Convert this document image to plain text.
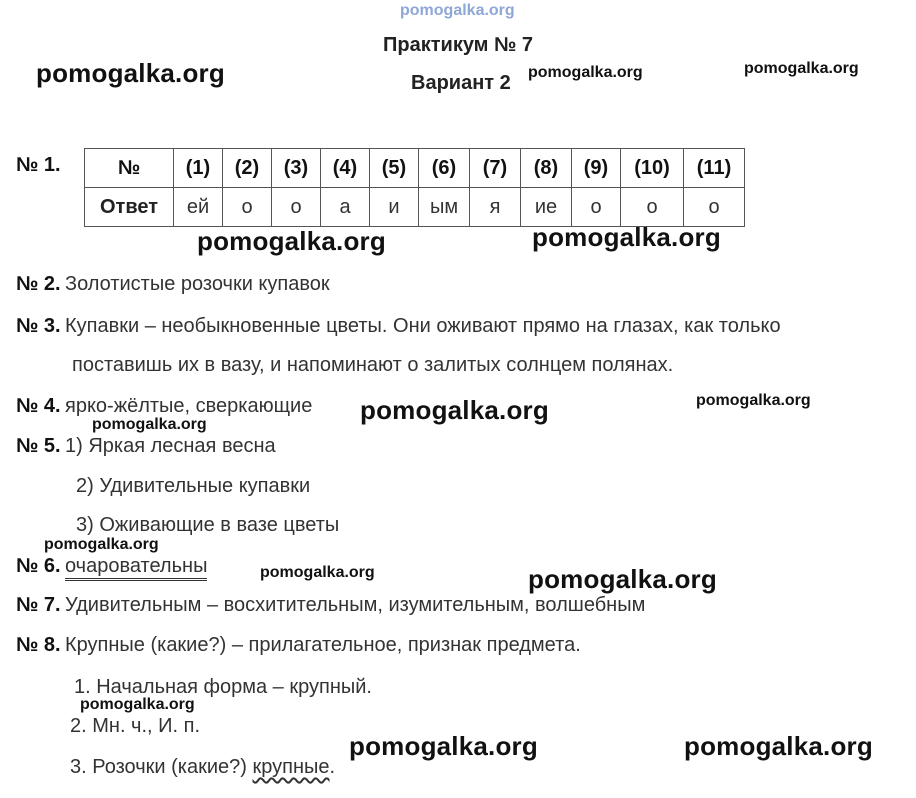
pomogalka.org
Практикум № 7
Вариант 2
pomogalka.org	pomogalka.org	pomogalka.org
pomogalka.org	pomogalka.org
pomogalka.org	pomogalka.org
pomogalka.org
pomogalka.org
pomogalka.org	pomogalka.org
pomogalka.org
pomogalka.org	pomogalka.org
№ 1.	№	(1)	(2)	(3)	(4)	(5)	(6)	(7)	(8)	(9)	(10)	(11)
Ответ	ей	о	о	а	и	ым	я	ие	о	о	о
№ 2. Золотистые розочки купавок
№ 3. Купавки – необыкновенные цветы. Они оживают прямо на глазах, как только
поставишь их в вазу, и напоминают о залитых солнцем полянах.
№ 4. ярко-жёлтые, сверкающие
№ 5. 1) Яркая лесная весна
2) Удивительные купавки
3) Оживающие в вазе цветы
№ 6. очаровательны
№ 7. Удивительным – восхитительным, изумительным, волшебным
№ 8. Крупные (какие?) – прилагательное, признак предмета.
1. Начальная форма – крупный.
2. Мн. ч., И. п.
3. Розочки (какие?) крупные.
